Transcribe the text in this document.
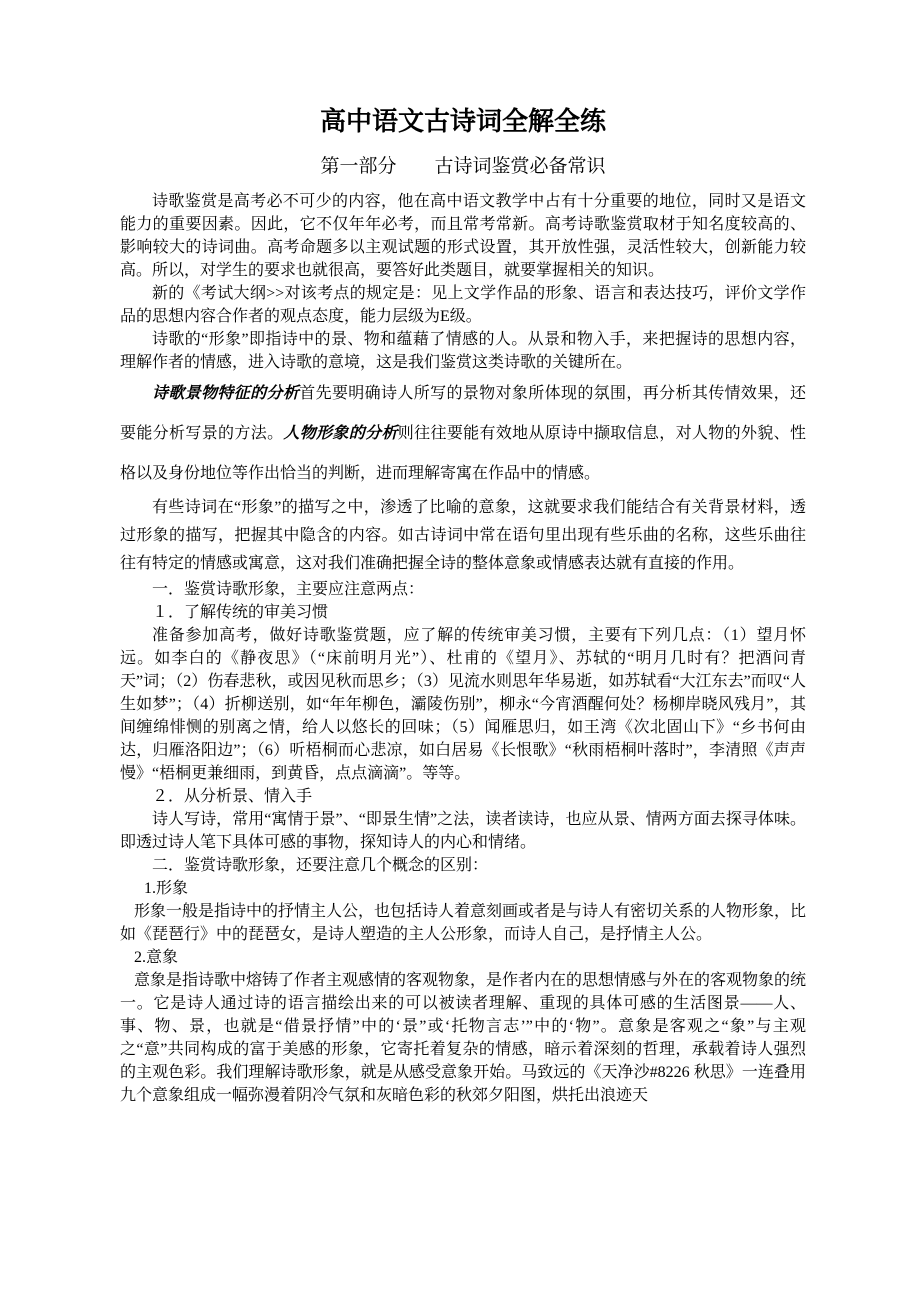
高中语文古诗词全解全练
第一部分　　古诗词鉴赏必备常识

诗歌鉴赏是高考必不可少的内容，他在高中语文教学中占有十分重要的地位，同时又是语文能力的重要因素。因此，它不仅年年必考，而且常考常新。高考诗歌鉴赏取材于知名度较高的、影响较大的诗词曲。高考命题多以主观试题的形式设置，其开放性强，灵活性较大，创新能力较高。所以，对学生的要求也就很高，要答好此类题目，就要掌握相关的知识。

新的《考试大纲>>对该考点的规定是：见上文学作品的形象、语言和表达技巧，评价文学作品的思想内容合作者的观点态度，能力层级为E级。

诗歌的“形象”即指诗中的景、物和蕴藉了情感的人。从景和物入手，来把握诗的思想内容，理解作者的情感，进入诗歌的意境，这是我们鉴赏这类诗歌的关键所在。

诗歌景物特征的分析首先要明确诗人所写的景物对象所体现的氛围，再分析其传情效果，还要能分析写景的方法。人物形象的分析则往往要能有效地从原诗中撷取信息，对人物的外貌、性格以及身份地位等作出恰当的判断，进而理解寄寓在作品中的情感。

有些诗词在“形象”的描写之中，渗透了比喻的意象，这就要求我们能结合有关背景材料，透过形象的描写，把握其中隐含的内容。如古诗词中常在语句里出现有些乐曲的名称，这些乐曲往往有特定的情感或寓意，这对我们准确把握全诗的整体意象或情感表达就有直接的作用。

一．鉴赏诗歌形象，主要应注意两点：

１．了解传统的审美习惯

准备参加高考，做好诗歌鉴赏题，应了解的传统审美习惯，主要有下列几点：（1）望月怀远。如李白的《静夜思》（“床前明月光”）、杜甫的《望月》、苏轼的“明月几时有？把酒问青天”词；（2）伤春悲秋，或因见秋而思乡；（3）见流水则思年华易逝，如苏轼看“大江东去”而叹“人生如梦”；（4）折柳送别，如“年年柳色，灞陵伤别”，柳永“今宵酒醒何处？杨柳岸晓风残月”，其间缠绵悱恻的别离之情，给人以悠长的回味；（5）闻雁思归，如王湾《次北固山下》“乡书何由达，归雁洛阳边”；（6）听梧桐而心悲凉，如白居易《长恨歌》“秋雨梧桐叶落时”，李清照《声声慢》“梧桐更兼细雨，到黄昏，点点滴滴”。等等。

２．从分析景、情入手

诗人写诗，常用“寓情于景”、“即景生情”之法，读者读诗，也应从景、情两方面去探寻体味。即透过诗人笔下具体可感的事物，探知诗人的内心和情绪。

二．鉴赏诗歌形象，还要注意几个概念的区别：

1.形象

形象一般是指诗中的抒情主人公，也包括诗人着意刻画或者是与诗人有密切关系的人物形象，比如《琵琶行》中的琵琶女，是诗人塑造的主人公形象，而诗人自己，是抒情主人公。

2.意象

意象是指诗歌中熔铸了作者主观感情的客观物象，是作者内在的思想情感与外在的客观物象的统一。它是诗人通过诗的语言描绘出来的可以被读者理解、重现的具体可感的生活图景——人、事、物、景，也就是“借景抒情”中的‘景”或‘托物言志’”中的‘物”。意象是客观之“象”与主观之“意”共同构成的富于美感的形象，它寄托着复杂的情感，暗示着深刻的哲理，承载着诗人强烈的主观色彩。我们理解诗歌形象，就是从感受意象开始。马致远的《天净沙#8226 秋思》一连叠用九个意象组成一幅弥漫着阴冷气氛和灰暗色彩的秋郊夕阳图，烘托出浪迹天
